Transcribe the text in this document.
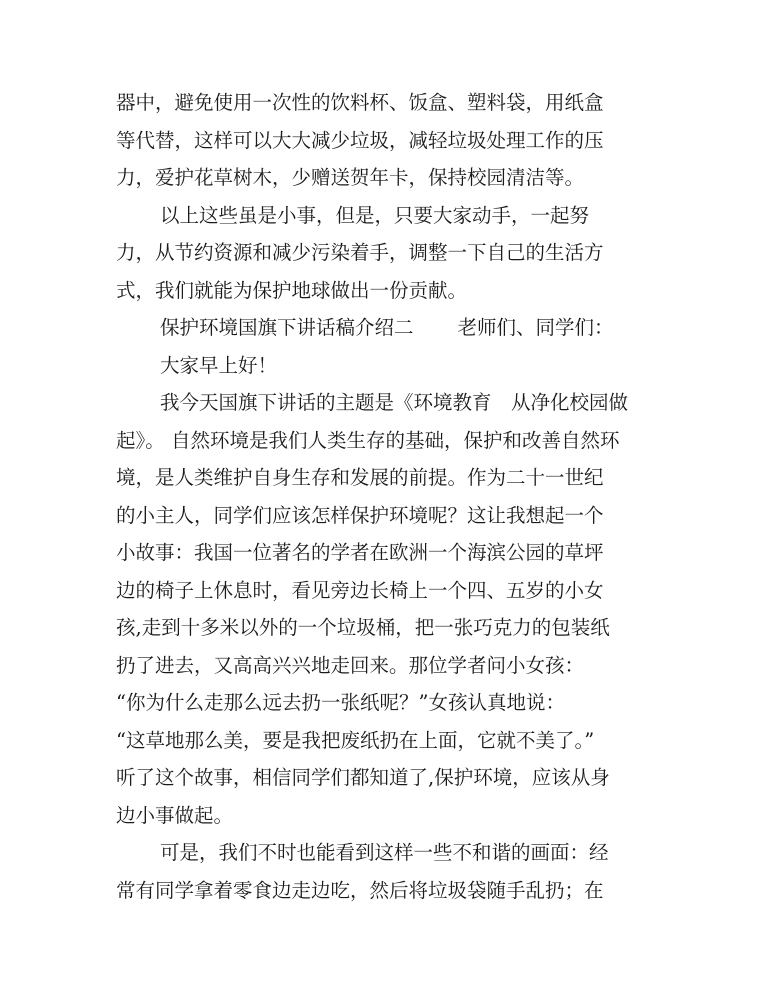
器中，避免使用一次性的饮料杯、饭盒、塑料袋，用纸盒
等代替，这样可以大大减少垃圾，减轻垃圾处理工作的压
力，爱护花草树木，少赠送贺年卡，保持校园清洁等。
以上这些虽是小事，但是，只要大家动手，一起努
力，从节约资源和减少污染着手，调整一下自己的生活方
式，我们就能为保护地球做出一份贡献。
保护环境国旗下讲话稿介绍二 老师们、同学们：
大家早上好！
我今天国旗下讲话的主题是《环境教育　从净化校园做
起》。 自然环境是我们人类生存的基础，保护和改善自然环
境，是人类维护自身生存和发展的前提。作为二十一世纪
的小主人，同学们应该怎样保护环境呢？这让我想起一个
小故事：我国一位著名的学者在欧洲一个海滨公园的草坪
边的椅子上休息时，看见旁边长椅上一个四、五岁的小女
孩,走到十多米以外的一个垃圾桶，把一张巧克力的包装纸
扔了进去，又高高兴兴地走回来。那位学者问小女孩：
“你为什么走那么远去扔一张纸呢？”女孩认真地说：
“这草地那么美，要是我把废纸扔在上面，它就不美了。”
听了这个故事，相信同学们都知道了,保护环境，应该从身
边小事做起。
可是，我们不时也能看到这样一些不和谐的画面：经
常有同学拿着零食边走边吃，然后将垃圾袋随手乱扔；在
